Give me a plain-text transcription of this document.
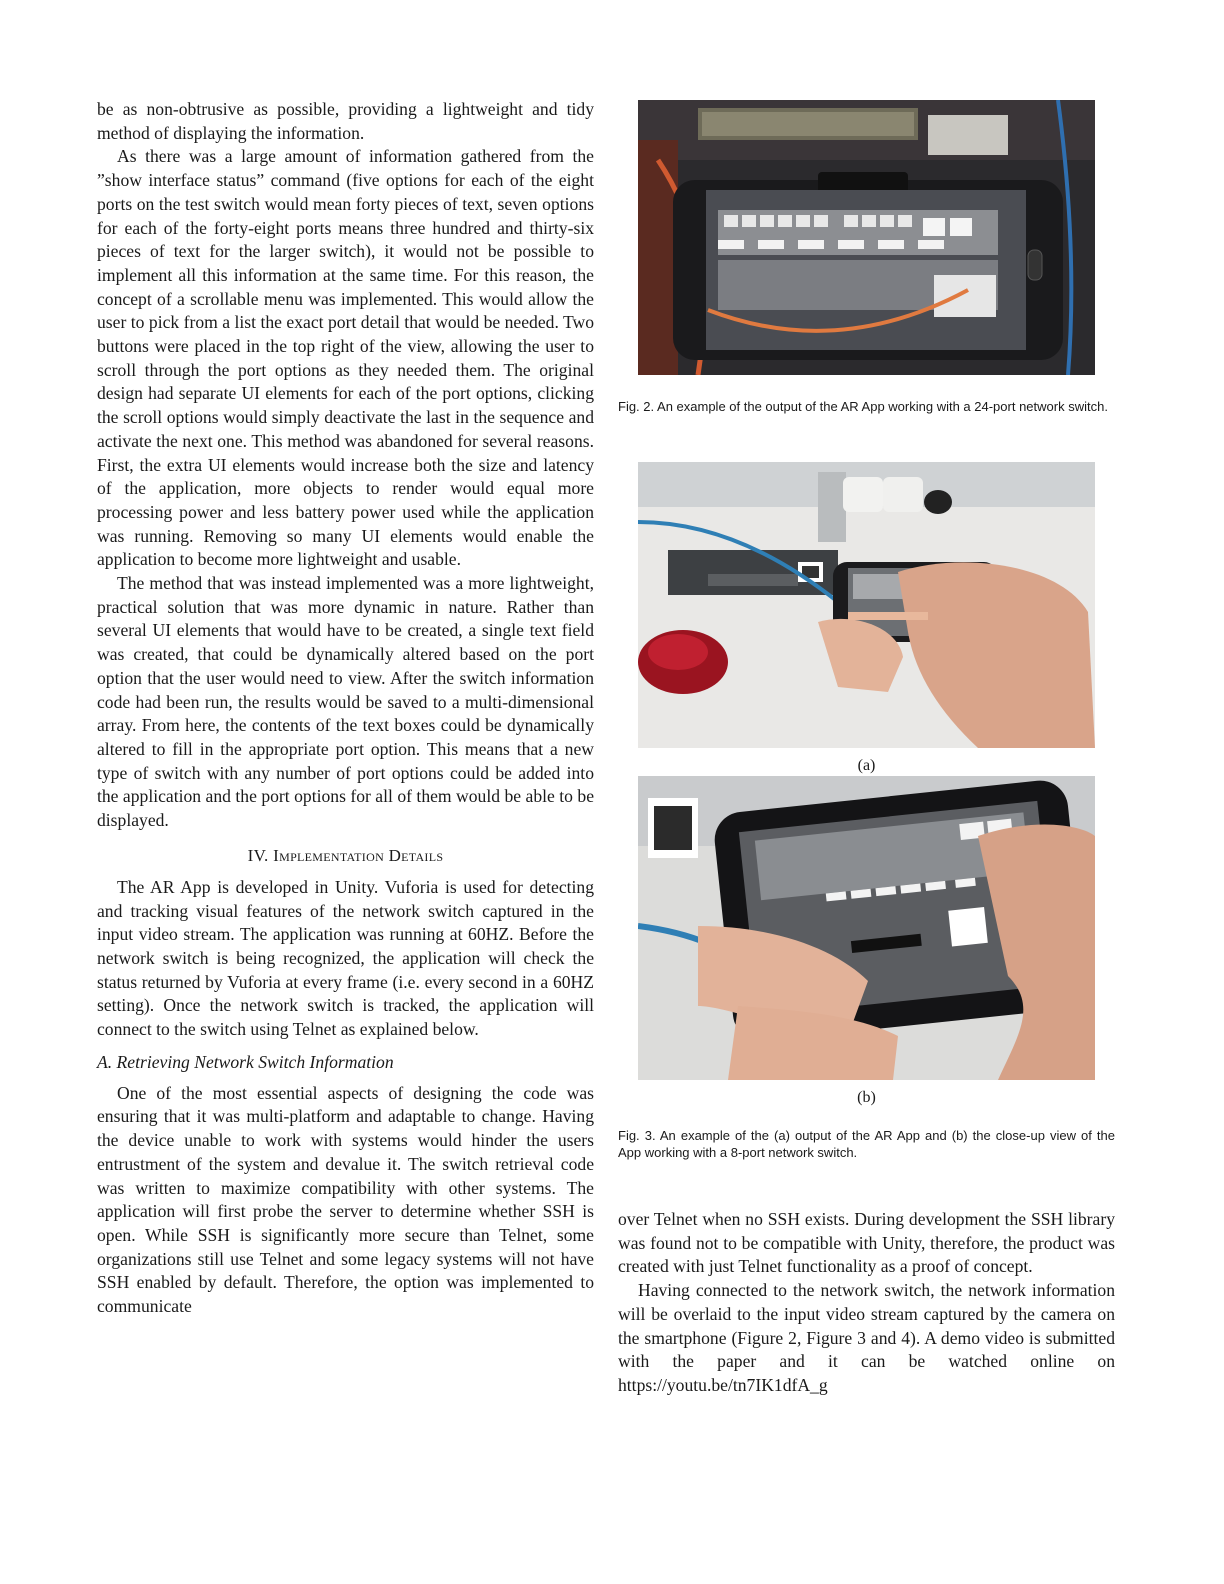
be as non-obtrusive as possible, providing a lightweight and tidy method of displaying the information.

As there was a large amount of information gathered from the ”show interface status” command (five options for each of the eight ports on the test switch would mean forty pieces of text, seven options for each of the forty-eight ports means three hundred and thirty-six pieces of text for the larger switch), it would not be possible to implement all this information at the same time. For this reason, the concept of a scrollable menu was implemented. This would allow the user to pick from a list the exact port detail that would be needed. Two buttons were placed in the top right of the view, allowing the user to scroll through the port options as they needed them. The original design had separate UI elements for each of the port options, clicking the scroll options would simply deactivate the last in the sequence and activate the next one. This method was abandoned for several reasons. First, the extra UI elements would increase both the size and latency of the application, more objects to render would equal more processing power and less battery power used while the application was running. Removing so many UI elements would enable the application to become more lightweight and usable.

The method that was instead implemented was a more lightweight, practical solution that was more dynamic in nature. Rather than several UI elements that would have to be created, a single text field was created, that could be dynamically altered based on the port option that the user would need to view. After the switch information code had been run, the results would be saved to a multi-dimensional array. From here, the contents of the text boxes could be dynamically altered to fill in the appropriate port option. This means that a new type of switch with any number of port options could be added into the application and the port options for all of them would be able to be displayed.

IV. Implementation Details

The AR App is developed in Unity. Vuforia is used for detecting and tracking visual features of the network switch captured in the input video stream. The application was running at 60HZ. Before the network switch is being recognized, the application will check the status returned by Vuforia at every frame (i.e. every second in a 60HZ setting). Once the network switch is tracked, the application will connect to the switch using Telnet as explained below.

A. Retrieving Network Switch Information

One of the most essential aspects of designing the code was ensuring that it was multi-platform and adaptable to change. Having the device unable to work with systems would hinder the users entrustment of the system and devalue it. The switch retrieval code was written to maximize compatibility with other systems. The application will first probe the server to determine whether SSH is open. While SSH is significantly more secure than Telnet, some organizations still use Telnet and some legacy systems will not have SSH enabled by default. Therefore, the option was implemented to communicate

Fig. 2. An example of the output of the AR App working with a 24-port network switch.
(a)
(b)
Fig. 3. An example of the (a) output of the AR App and (b) the close-up view of the App working with a 8-port network switch.

over Telnet when no SSH exists. During development the SSH library was found not to be compatible with Unity, therefore, the product was created with just Telnet functionality as a proof of concept.

Having connected to the network switch, the network information will be overlaid to the input video stream captured by the camera on the smartphone (Figure 2, Figure 3 and 4). A demo video is submitted with the paper and it can be watched online on https://youtu.be/tn7IK1dfA_g
